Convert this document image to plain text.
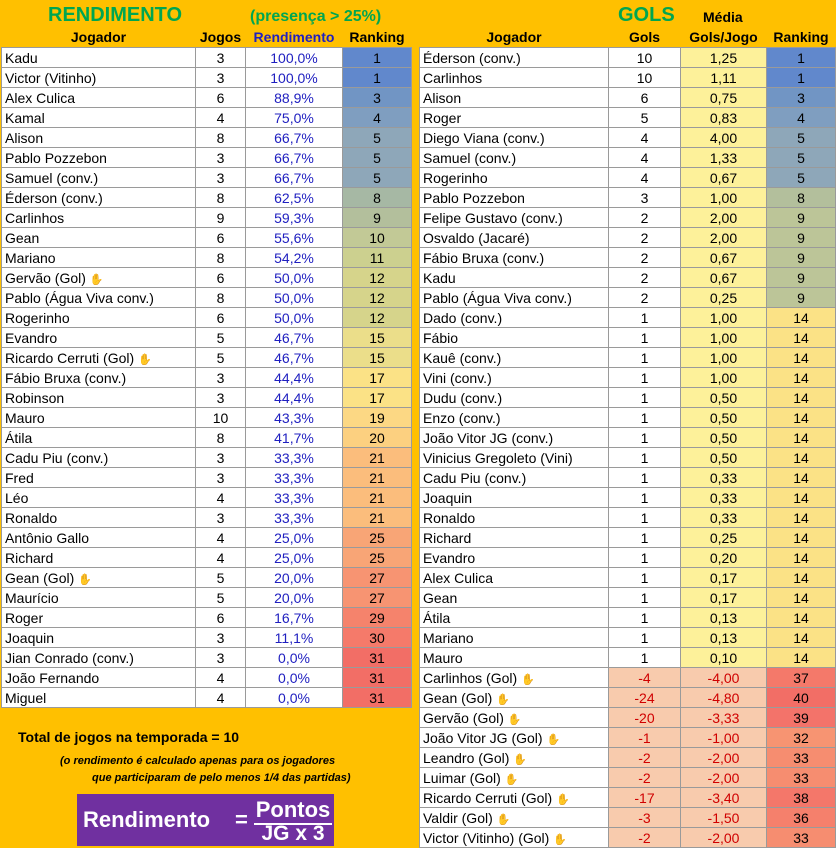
RENDIMENTO	(presença > 25%)	GOLS Média
Jogador	Jogos	Rendimento	Ranking
Kadu	3	100,0%	1
Victor (Vitinho)	3	100,0%	1
Alex Culica	6	88,9%	3
Kamal	4	75,0%	4
Alison	8	66,7%	5
Pablo Pozzebon	3	66,7%	5
Samuel (conv.)	3	66,7%	5
Éderson (conv.)	8	62,5%	8
Carlinhos	9	59,3%	9
Gean	6	55,6%	10
Mariano	8	54,2%	11
Gervão (Gol) ✋	6	50,0%	12
Pablo (Água Viva conv.)	8	50,0%	12
Rogerinho	6	50,0%	12
Evandro	5	46,7%	15
Ricardo Cerruti (Gol) ✋	5	46,7%	15
Fábio Bruxa (conv.)	3	44,4%	17
Robinson	3	44,4%	17
Mauro	10	43,3%	19
Átila	8	41,7%	20
Cadu Piu (conv.)	3	33,3%	21
Fred	3	33,3%	21
Léo	4	33,3%	21
Ronaldo	3	33,3%	21
Antônio Gallo	4	25,0%	25
Richard	4	25,0%	25
Gean (Gol) ✋	5	20,0%	27
Maurício	5	20,0%	27
Roger	6	16,7%	29
Joaquin	3	11,1%	30
Jian Conrado (conv.)	3	0,0%	31
João Fernando	4	0,0%	31
Miguel	4	0,0%	31
Jogador	Gols	Gols/Jogo	Ranking
Éderson (conv.)	10	1,25	1
Carlinhos	10	1,11	1
Alison	6	0,75	3
Roger	5	0,83	4
Diego Viana (conv.)	4	4,00	5
Samuel (conv.)	4	1,33	5
Rogerinho	4	0,67	5
Pablo Pozzebon	3	1,00	8
Felipe Gustavo (conv.)	2	2,00	9
Osvaldo (Jacaré)	2	2,00	9
Fábio Bruxa (conv.)	2	0,67	9
Kadu	2	0,67	9
Pablo (Água Viva conv.)	2	0,25	9
Dado (conv.)	1	1,00	14
Fábio	1	1,00	14
Kauê (conv.)	1	1,00	14
Vini (conv.)	1	1,00	14
Dudu (conv.)	1	0,50	14
Enzo (conv.)	1	0,50	14
João Vitor JG (conv.)	1	0,50	14
Vinicius Gregoleto (Vini)	1	0,50	14
Cadu Piu (conv.)	1	0,33	14
Joaquin	1	0,33	14
Ronaldo	1	0,33	14
Richard	1	0,25	14
Evandro	1	0,20	14
Alex Culica	1	0,17	14
Gean	1	0,17	14
Átila	1	0,13	14
Mariano	1	0,13	14
Mauro	1	0,10	14
Carlinhos (Gol) ✋	-4	-4,00	37
Gean (Gol) ✋	-24	-4,80	40
Gervão (Gol) ✋	-20	-3,33	39
João Vitor JG (Gol) ✋	-1	-1,00	32
Leandro (Gol) ✋	-2	-2,00	33
Luimar (Gol) ✋	-2	-2,00	33
Ricardo Cerruti (Gol) ✋	-17	-3,40	38
Valdir (Gol) ✋	-3	-1,50	36
Victor (Vitinho) (Gol) ✋	-2	-2,00	33
Total de jogos na temporada = 10
(o rendimento é calculado apenas para os jogadores
que participaram de pelo menos 1/4 das partidas)
Rendimento = Pontos
JG x 3
